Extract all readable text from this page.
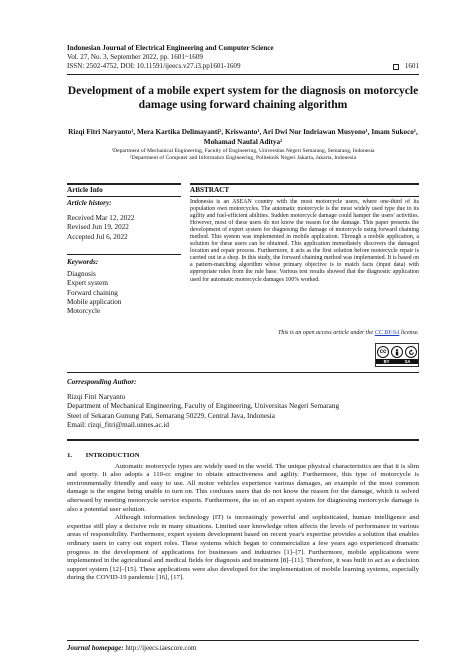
Indonesian Journal of Electrical Engineering and Computer Science
Vol. 27, No. 3, September 2022, pp. 1601~1609
ISSN: 2502-4752, DOI: 10.11591/ijeecs.v27.i3.pp1601-1609	1601
Development of a mobile expert system for the diagnosis on motorcycle damage using forward chaining algorithm
Rizqi Fitri Naryanto¹, Mera Kartika Delimayanti², Kriswanto¹, Ari Dwi Nur Indriawan Musyono¹, Imam Sukoco¹, Mohamad Naufal Aditya²
¹Department of Mechanical Engineering, Faculty of Engineering, Universitas Negeri Semarang, Semarang, Indonesia
²Department of Computer and Informatics Engineering, Politeknik Negeri Jakarta, Jakarta, Indonesia
Article Info
Article history:
Received Mar 12, 2022
Revised Jun 19, 2022
Accepted Jul 6, 2022
Keywords:
Diagnosis
Expert system
Forward chaining
Mobile application
Motorcycle
ABSTRACT
Indonesia is an ASEAN country with the most motorcycle users, where one-third of its population own motorcycles. The automatic motorcycle is the most widely used type due to its agility and fuel-efficient abilities. Sudden motorcycle damage could hamper the users' activities. However, most of these users do not know the reason for the damage. This paper presents the development of expert system for diagnosing the damage of motorcycle using forward chaining method. This system was implemented in mobile application. Through a mobile application, a solution for these users can be obtained. This application immediately discovers the damaged location and repair process. Furthermore, it acts as the first solution before motorcycle repair is carried out in a shop. In this study, the forward chaining method was implemented. It is based on a pattern-matching algorithm whose primary objective is to match facts (input data) with appropriate rules from the rule base. Various test results showed that the diagnostic application used for automatic motorcycle damages 100% worked.
This is an open access article under the CC BY-SA license.
cc
BY	SA
Corresponding Author:
Rizqi Fitri Naryanto
Department of Mechanical Engineering, Faculty of Engineering, Universitas Negeri Semarang
Steet of Sekaran Gunung Pati, Semarang 50229, Central Java, Indonesia
Email: rizqi_fitri@mail.unnes.ac.id
1.        INTRODUCTION

Automatic motorcycle types are widely used in the world. The unique physical characteristics are that it is slim and sporty. It also adopts a 110-cc engine to obtain attractiveness and agility. Furthermore, this type of motorcycle is environmentally friendly and easy to use. All motor vehicles experience various damages, an example of the most common damage is the engine being unable to turn on. This confuses users that do not know the reason for the damage, which is solved afterward by meeting motorcycle service experts. Furthermore, the us of an expert system for diagnosing motorcycle damage is also a potential user solution.

Although information technology (IT) is increasingly powerful and sophisticated, human intelligence and expertise still play a decisive role in many situations. Limited user knowledge often affects the levels of performance in various areas of responsibility. Furthermore, expert system development based on recent year's expertise provides a solution that enables ordinary users to carry out expert roles. These systems which began to commercialize a few years ago experienced dramatic progress in the development of applications for businesses and industries [1]–[7]. Furthermore, mobile applications were implemented in the agricultural and medical fields for diagnosis and treatment [8]–[11]. Therefore, it was built to act as a decision support system [12]–[15]. These applications were also developed for the implementation of mobile learning systems, especially during the COVID-19 pandemic [16], [17].

Journal homepage: http://ijeecs.iaescore.com
